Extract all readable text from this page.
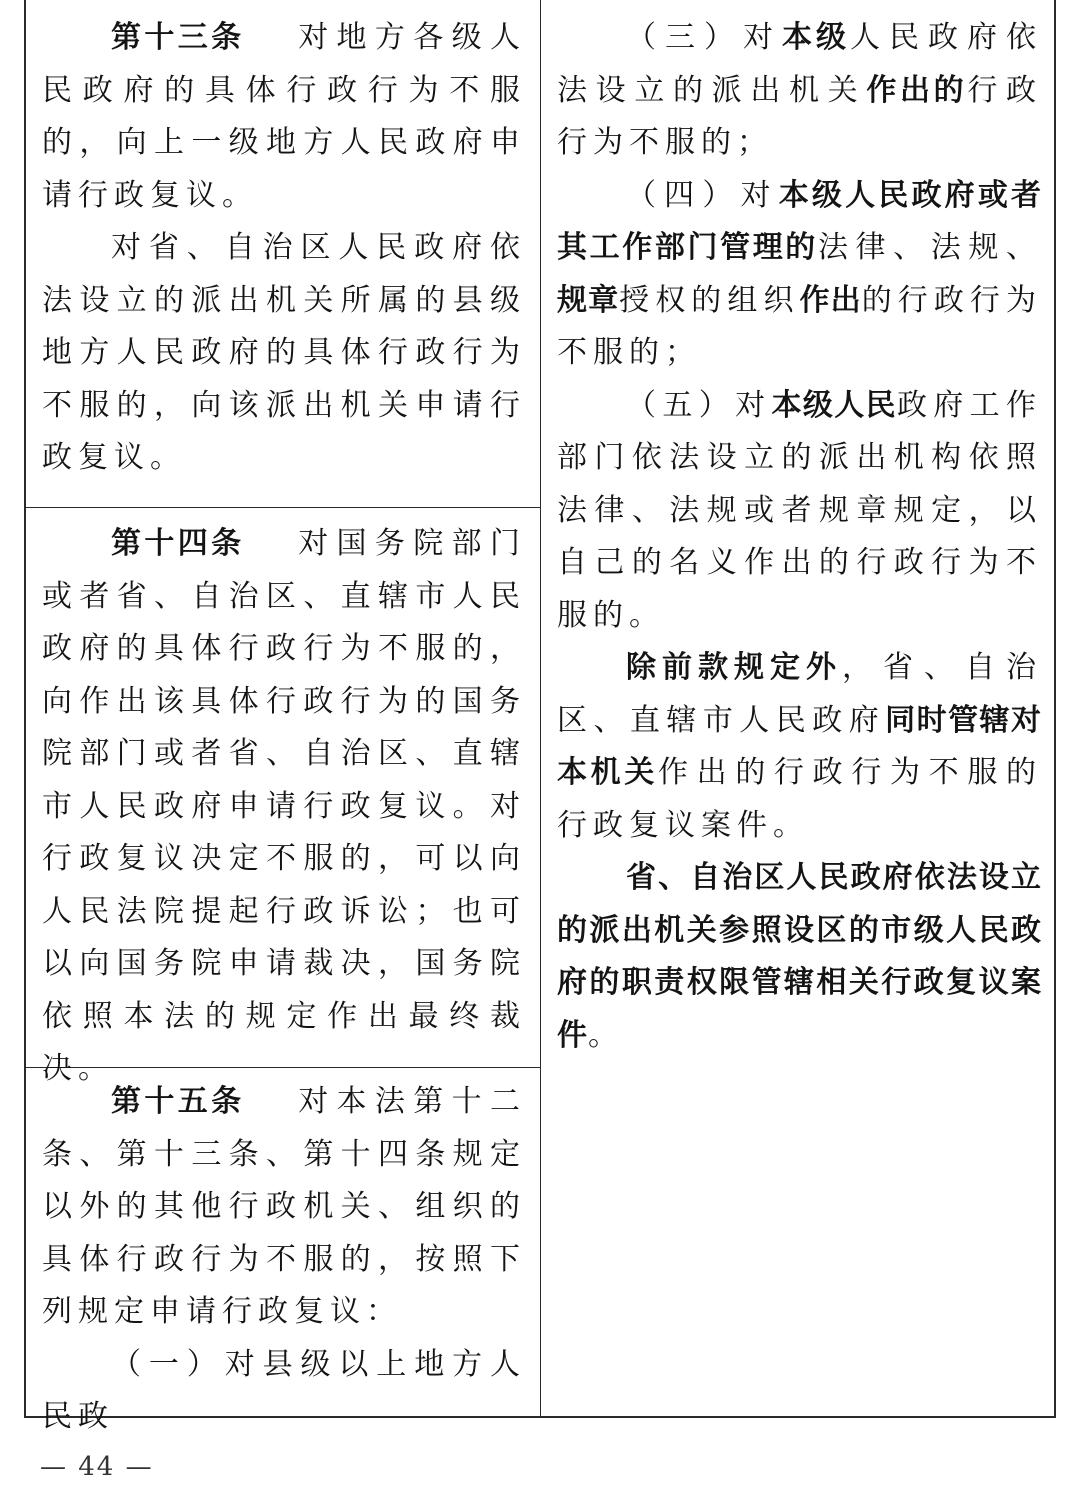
第十三条 对地方各级人民政府的具体行政行为不服的，向上一级地方人民政府申请行政复议。

对省、自治区人民政府依法设立的派出机关所属的县级地方人民政府的具体行政行为不服的，向该派出机关申请行政复议。

第十四条 对国务院部门或者省、自治区、直辖市人民政府的具体行政行为不服的，向作出该具体行政行为的国务院部门或者省、自治区、直辖市人民政府申请行政复议。对行政复议决定不服的，可以向人民法院提起行政诉讼；也可以向国务院申请裁决，国务院依照本法的规定作出最终裁决。

第十五条 对本法第十二条、第十三条、第十四条规定以外的其他行政机关、组织的具体行政行为不服的，按照下列规定申请行政复议：

（一）对县级以上地方人民政

（三）对本级人民政府依法设立的派出机关作出的行政行为不服的；

（四）对本级人民政府或者其工作部门管理的法律、法规、规章授权的组织作出的行政行为不服的；

（五）对本级人民政府工作部门依法设立的派出机构依照法律、法规或者规章规定，以自己的名义作出的行政行为不服的。

除前款规定外，省、自治区、直辖市人民政府同时管辖对本机关作出的行政行为不服的行政复议案件。

省、自治区人民政府依法设立的派出机关参照设区的市级人民政府的职责权限管辖相关行政复议案件。

— 44 —
